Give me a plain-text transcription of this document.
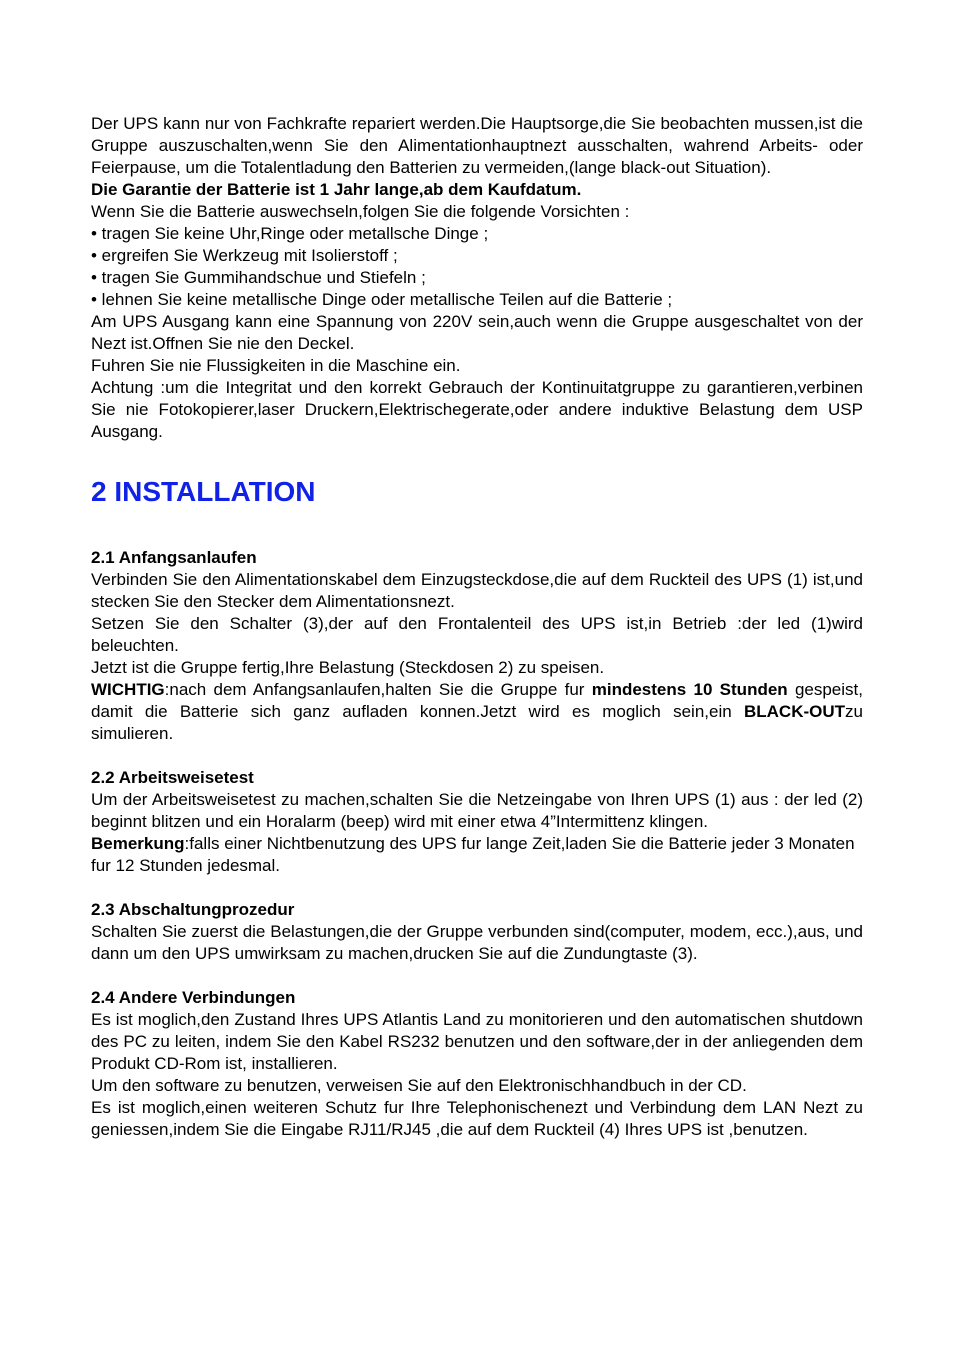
Der UPS kann nur von Fachkrafte repariert werden.Die Hauptsorge,die Sie beobachten mussen,ist die Gruppe auszuschalten,wenn Sie den Alimentationhauptnezt ausschalten, wahrend Arbeits- oder Feierpause, um die Totalentladung den Batterien zu vermeiden,(lange black-out Situation).

Die Garantie der Batterie ist 1 Jahr lange,ab dem Kaufdatum.

Wenn Sie die Batterie auswechseln,folgen Sie die folgende Vorsichten :

• tragen Sie keine Uhr,Ringe oder metallsche Dinge ;

• ergreifen Sie Werkzeug mit Isolierstoff ;

• tragen Sie Gummihandschue und Stiefeln ;

• lehnen Sie keine metallische Dinge oder metallische Teilen auf die Batterie ;

Am UPS Ausgang kann eine Spannung von 220V sein,auch wenn die Gruppe ausgeschaltet von der Nezt ist.Offnen Sie nie den Deckel.

Fuhren Sie nie Flussigkeiten in die Maschine ein.

Achtung :um die Integritat und den korrekt Gebrauch der Kontinuitatgruppe zu garantieren,verbinen Sie nie Fotokopierer,laser Druckern,Elektrischegerate,oder andere induktive Belastung dem USP Ausgang.

2 INSTALLATION
2.1 Anfangsanlaufen

Verbinden Sie den Alimentationskabel dem Einzugsteckdose,die auf dem Ruckteil des UPS (1) ist,und stecken Sie den Stecker dem Alimentationsnezt.

Setzen Sie den Schalter (3),der auf den Frontalenteil des UPS ist,in Betrieb :der led (1)wird beleuchten.

Jetzt ist die Gruppe fertig,Ihre Belastung (Steckdosen 2) zu speisen.

WICHTIG:nach dem Anfangsanlaufen,halten Sie die Gruppe fur mindestens 10 Stunden gespeist, damit die Batterie sich ganz aufladen konnen.Jetzt wird es moglich sein,ein BLACK-OUTzu simulieren.

2.2 Arbeitsweisetest

Um der Arbeitsweisetest zu machen,schalten Sie die Netzeingabe von Ihren UPS (1) aus : der led (2) beginnt blitzen und ein Horalarm (beep) wird mit einer etwa 4”Intermittenz klingen.

Bemerkung:falls einer Nichtbenutzung des UPS fur lange Zeit,laden Sie die Batterie jeder 3 Monaten fur 12 Stunden jedesmal.

2.3 Abschaltungprozedur

Schalten Sie zuerst die Belastungen,die der Gruppe verbunden sind(computer, modem, ecc.),aus, und dann um den UPS umwirksam zu machen,drucken Sie auf die Zundungtaste (3).

2.4 Andere Verbindungen

Es ist moglich,den Zustand Ihres UPS Atlantis Land zu monitorieren und den automatischen shutdown des PC zu leiten, indem Sie den Kabel RS232 benutzen und den software,der in der anliegenden dem Produkt CD-Rom ist, installieren.

Um den software zu benutzen, verweisen Sie auf den Elektronischhandbuch in der CD.

Es ist moglich,einen weiteren Schutz fur Ihre Telephonischenezt und Verbindung dem LAN Nezt zu geniessen,indem Sie die Eingabe RJ11/RJ45 ,die auf dem Ruckteil (4) Ihres UPS ist ,benutzen.
